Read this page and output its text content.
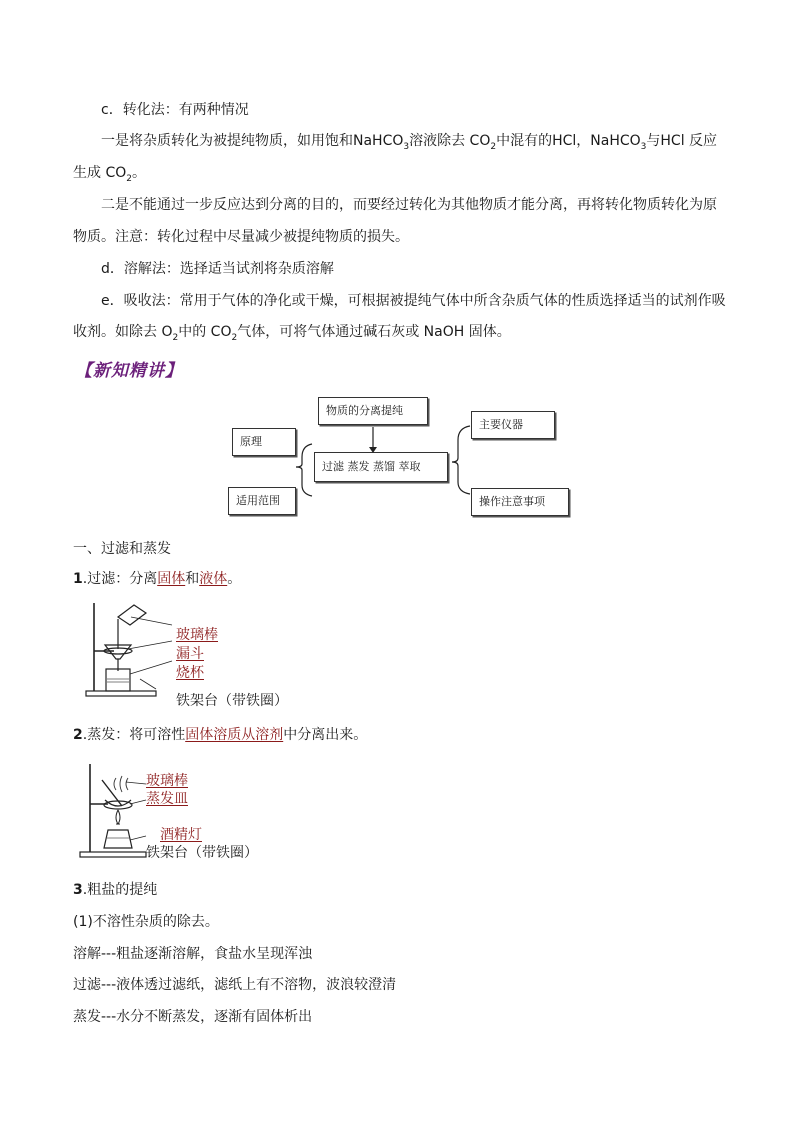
c．转化法：有两种情况
一是将杂质转化为被提纯物质，如用饱和NaHCO$_3$溶液除去 $CO_2$中混有的HCl，NaHCO$_3$与HCl 反应
生成 $CO_2$。
二是不能通过一步反应达到分离的目的，而要经过转化为其他物质才能分离，再将转化物质转化为原
物质。注意：转化过程中尽量减少被提纯物质的损失。
d．溶解法：选择适当试剂将杂质溶解
e．吸收法：常用于气体的净化或干燥，可根据被提纯气体中所含杂质气体的性质选择适当的试剂作吸
收剂。如除去 $O_2$中的 $CO_2$气体，可将气体通过碱石灰或 NaOH 固体。
【新知精讲】
物质的分离提纯
过滤 蒸发 蒸馏 萃取
原理
适用范围
主要仪器
操作注意事项
一、过滤和蒸发
1.过滤：分离固体和液体。
玻璃棒
漏斗
烧杯
铁架台（带铁圈）
2.蒸发：将可溶性固体溶质从溶剂中分离出来。
玻璃棒
蒸发皿
酒精灯
铁架台（带铁圈）
3.粗盐的提纯
(1)不溶性杂质的除去。
溶解---粗盐逐渐溶解，食盐水呈现浑浊
过滤---液体透过滤纸，滤纸上有不溶物，波浪较澄清
蒸发---水分不断蒸发，逐渐有固体析出
